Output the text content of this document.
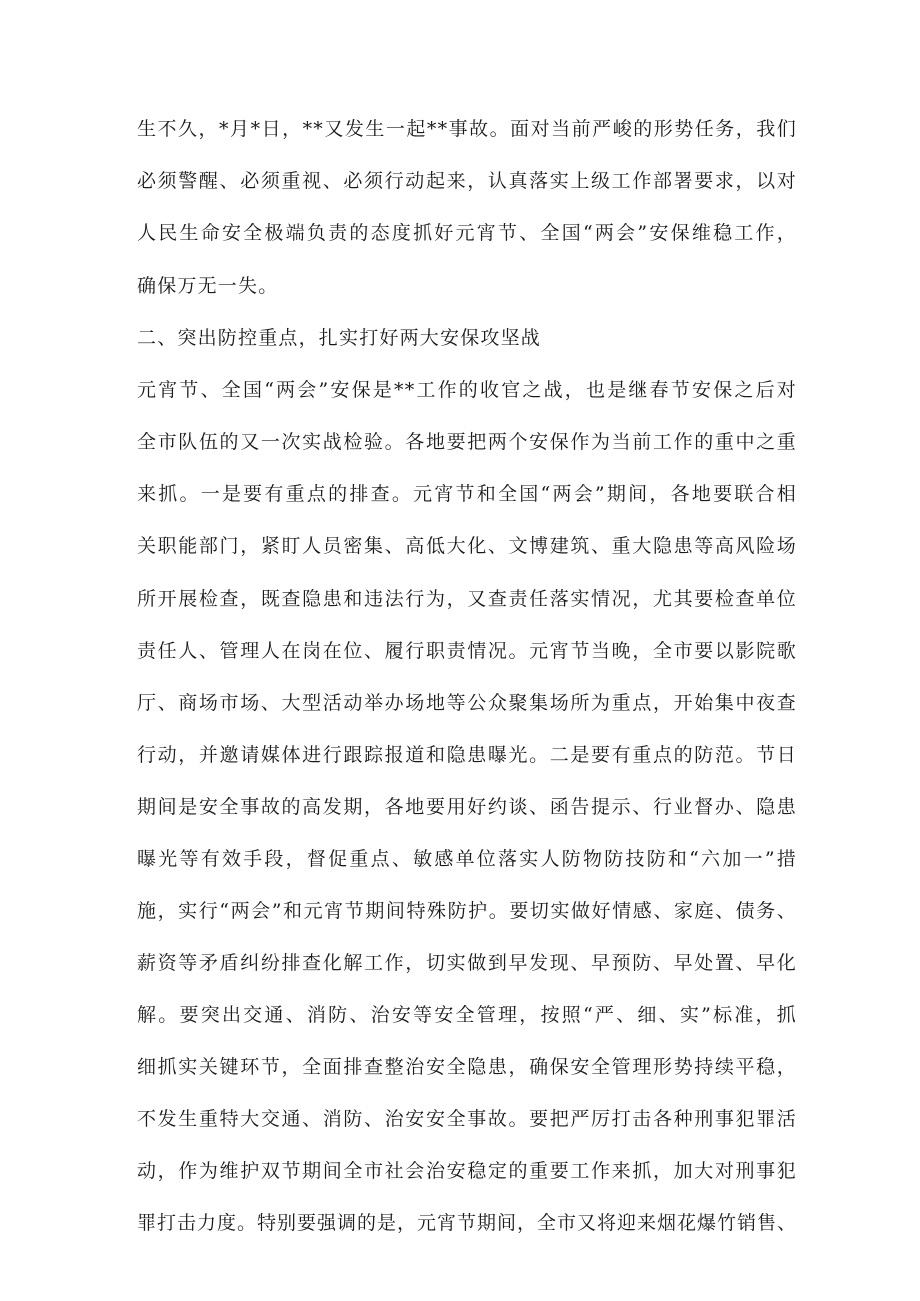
生不久，*月*日，**又发生一起**事故。面对当前严峻的形势任务，我们
必须警醒、必须重视、必须行动起来，认真落实上级工作部署要求，以对
人民生命安全极端负责的态度抓好元宵节、全国“两会”安保维稳工作，
确保万无一失。
二、突出防控重点，扎实打好两大安保攻坚战
元宵节、全国“两会”安保是**工作的收官之战，也是继春节安保之后对
全市队伍的又一次实战检验。各地要把两个安保作为当前工作的重中之重
来抓。一是要有重点的排查。元宵节和全国“两会”期间，各地要联合相
关职能部门，紧盯人员密集、高低大化、文博建筑、重大隐患等高风险场
所开展检查，既查隐患和违法行为，又查责任落实情况，尤其要检查单位
责任人、管理人在岗在位、履行职责情况。元宵节当晚，全市要以影院歌
厅、商场市场、大型活动举办场地等公众聚集场所为重点，开始集中夜查
行动，并邀请媒体进行跟踪报道和隐患曝光。二是要有重点的防范。节日
期间是安全事故的高发期，各地要用好约谈、函告提示、行业督办、隐患
曝光等有效手段，督促重点、敏感单位落实人防物防技防和“六加一”措
施，实行“两会”和元宵节期间特殊防护。要切实做好情感、家庭、债务、
薪资等矛盾纠纷排查化解工作，切实做到早发现、早预防、早处置、早化
解。要突出交通、消防、治安等安全管理，按照“严、细、实”标准，抓
细抓实关键环节，全面排查整治安全隐患，确保安全管理形势持续平稳，
不发生重特大交通、消防、治安安全事故。要把严厉打击各种刑事犯罪活
动，作为维护双节期间全市社会治安稳定的重要工作来抓，加大对刑事犯
罪打击力度。特别要强调的是，元宵节期间，全市又将迎来烟花爆竹销售、
